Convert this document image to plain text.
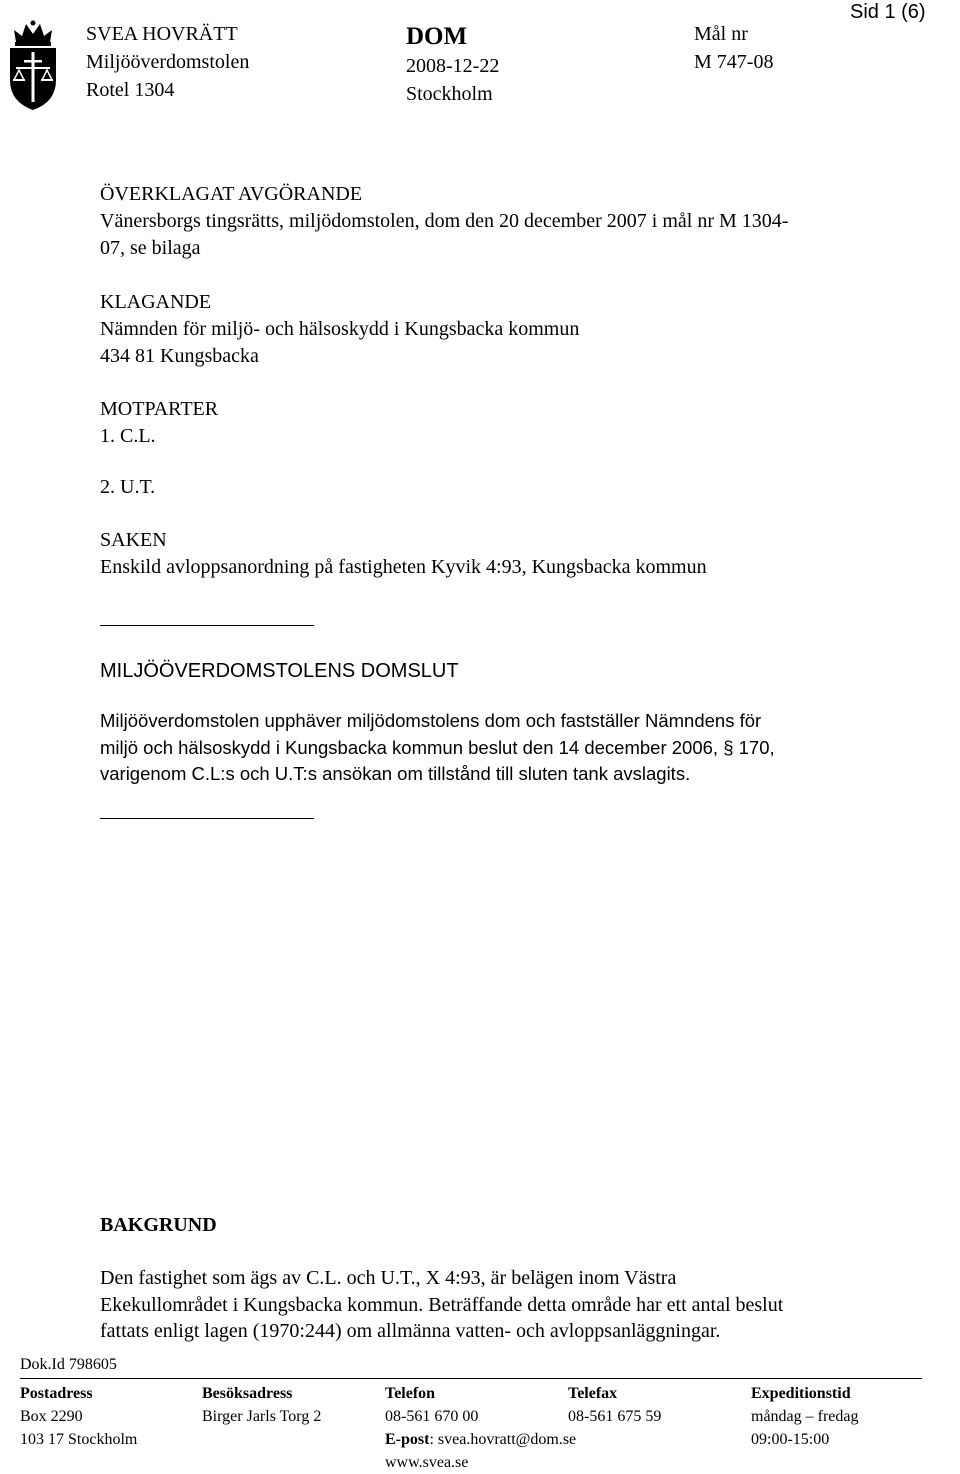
SVEA HOVRÄTT
Miljööverdomstolen
Rotel 1304
DOM
2008-12-22
Stockholm
Mål nr
M 747-08
Sid 1 (6)
ÖVERKLAGAT AVGÖRANDE
Vänersborgs tingsrätts, miljödomstolen, dom den 20 december 2007 i mål nr M 1304-
07, se bilaga
KLAGANDE
Nämnden för miljö- och hälsoskydd i Kungsbacka kommun
434 81 Kungsbacka
MOTPARTER
1. C.L.
2. U.T.
SAKEN
Enskild avloppsanordning på fastigheten Kyvik 4:93, Kungsbacka kommun
MILJÖÖVERDOMSTOLENS DOMSLUT
Miljööverdomstolen upphäver miljödomstolens dom och fastställer Nämndens för
miljö och hälsoskydd i Kungsbacka kommun beslut den 14 december 2006, § 170,
varigenom C.L:s och U.T:s ansökan om tillstånd till sluten tank avslagits.
BAKGRUND
Den fastighet som ägs av C.L. och U.T., X 4:93, är belägen inom Västra
Ekekullområdet i Kungsbacka kommun. Beträffande detta område har ett antal beslut
fattats enligt lagen (1970:244) om allmänna vatten- och avloppsanläggningar.
Dok.Id 798605
Postadress
Box 2290
103 17 Stockholm
Besöksadress
Birger Jarls Torg 2
Telefon
08-561 670 00
E-post: svea.hovratt@dom.se
www.svea.se
Telefax
08-561 675 59
Expeditionstid
måndag – fredag
09:00-15:00
